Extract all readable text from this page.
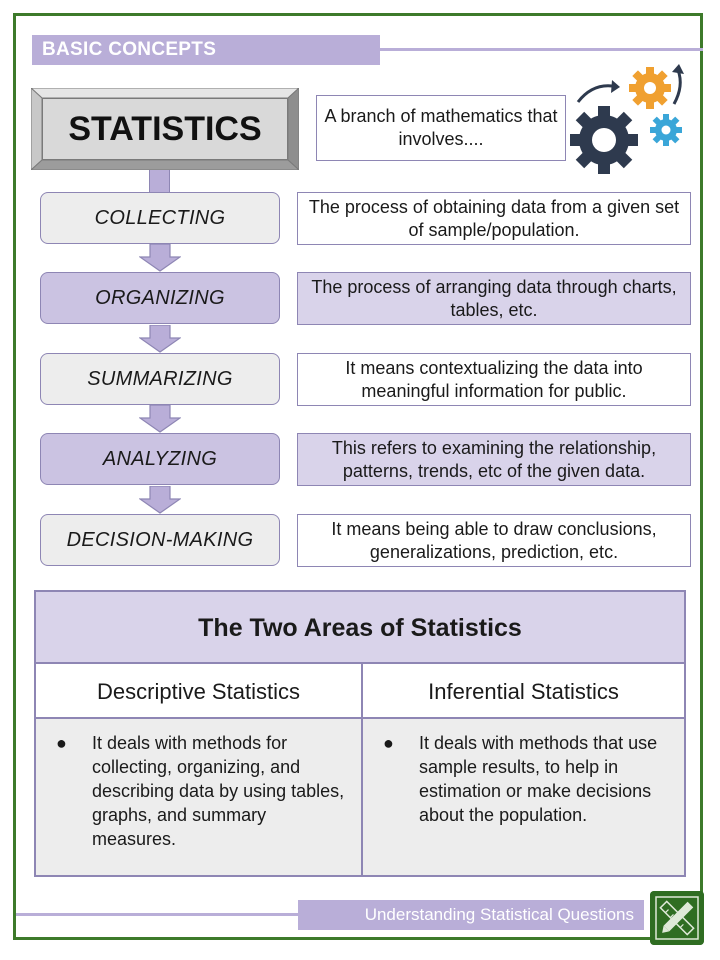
BASIC CONCEPTS
STATISTICS	A branch of mathematics that involves....
COLLECTING
The process of obtaining data from a given set of sample/population.
ORGANIZING
The process of arranging data through charts, tables, etc.
SUMMARIZING
It means contextualizing the data into meaningful information for public.
ANALYZING
This refers to examining the relationship, patterns, trends, etc of the given data.
DECISION-MAKING
It means being able to draw conclusions, generalizations, prediction, etc.
The Two Areas of Statistics
Descriptive Statistics	Inferential Statistics
● It deals with methods for collecting, organizing, and describing data by using tables, graphs, and summary measures.
● It deals with methods that use sample results, to help in estimation or make decisions about the population.
Understanding Statistical Questions
